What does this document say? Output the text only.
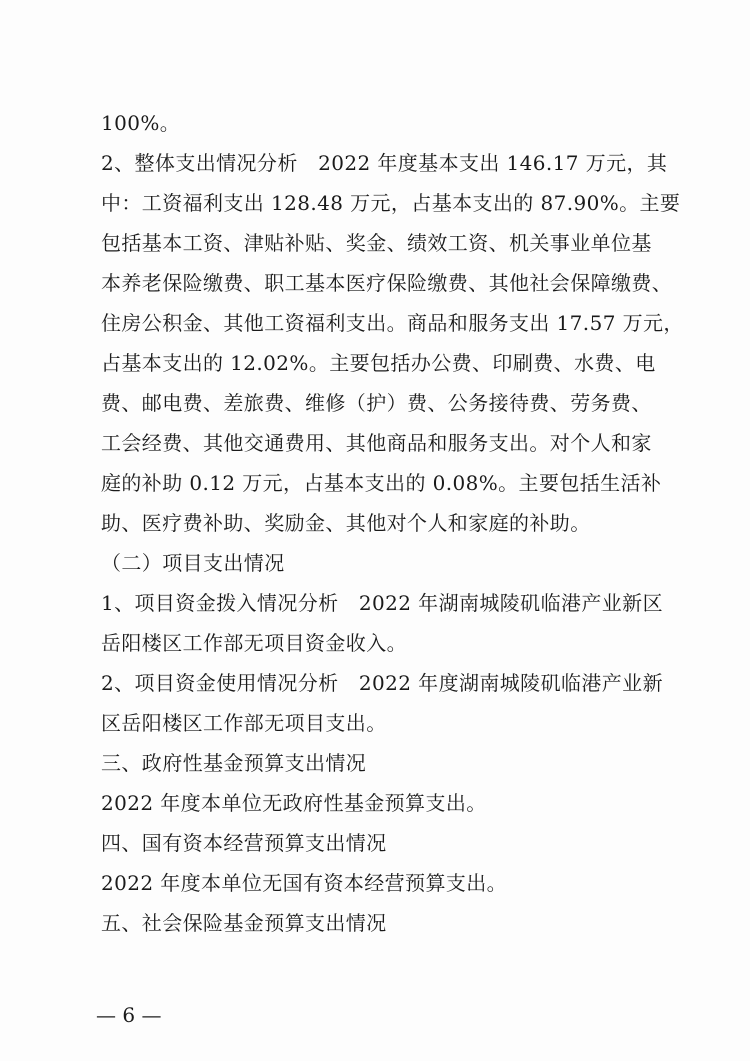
100%。
2、整体支出情况分析　2022 年度基本支出 146.17 万元，其
中：工资福利支出 128.48 万元，占基本支出的 87.90%。主要
包括基本工资、津贴补贴、奖金、绩效工资、机关事业单位基
本养老保险缴费、职工基本医疗保险缴费、其他社会保障缴费、
住房公积金、其他工资福利支出。商品和服务支出 17.57 万元，
占基本支出的 12.02%。主要包括办公费、印刷费、水费、电
费、邮电费、差旅费、维修（护）费、公务接待费、劳务费、
工会经费、其他交通费用、其他商品和服务支出。对个人和家
庭的补助 0.12 万元，占基本支出的 0.08%。主要包括生活补
助、医疗费补助、奖励金、其他对个人和家庭的补助。
（二）项目支出情况
1、项目资金拨入情况分析　2022 年湖南城陵矶临港产业新区
岳阳楼区工作部无项目资金收入。
2、项目资金使用情况分析　2022 年度湖南城陵矶临港产业新
区岳阳楼区工作部无项目支出。
三、政府性基金预算支出情况
2022 年度本单位无政府性基金预算支出。
四、国有资本经营预算支出情况
2022 年度本单位无国有资本经营预算支出。
五、社会保险基金预算支出情况
— 6 —
